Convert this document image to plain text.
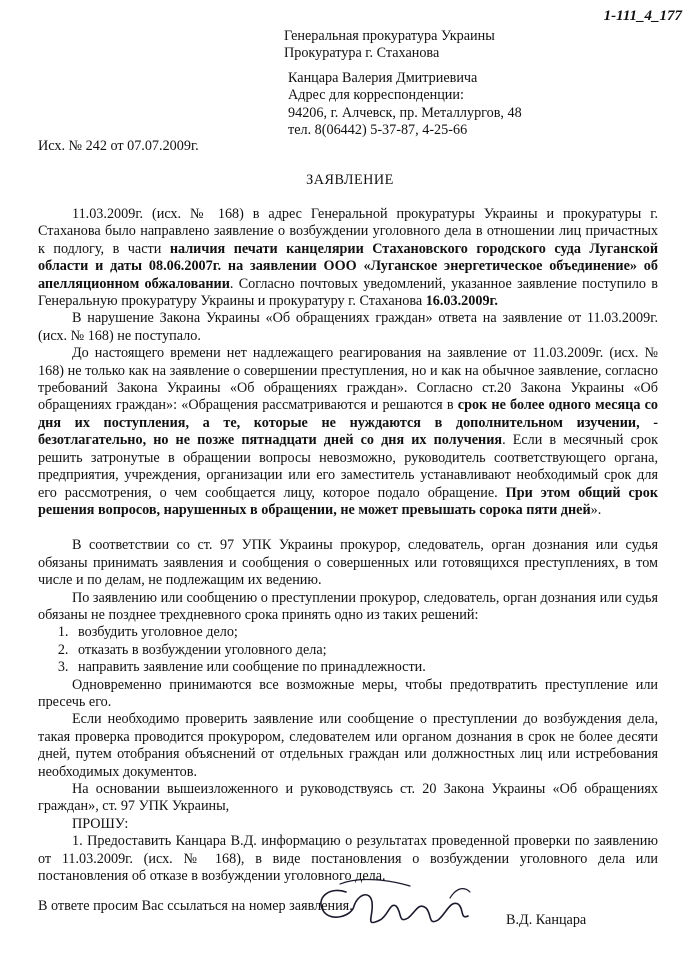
1-111_4_177
Генеральная прокуратура Украины
Прокуратура г. Стаханова
Канцара Валерия Дмитриевича
Адрес для корреспонденции:
94206, г. Алчевск, пр. Металлургов, 48
тел. 8(06442) 5-37-87, 4-25-66
Исх. № 242 от 07.07.2009г.
ЗАЯВЛЕНИЕ

11.03.2009г. (исх. № 168) в адрес Генеральной прокуратуры Украины и прокуратуры г. Стаханова было направлено заявление о возбуждении уголовного дела в отношении лиц причастных к подлогу, в части наличия печати канцелярии Стахановского городского суда Луганской области и даты 08.06.2007г. на заявлении ООО «Луганское энергетическое объединение» об апелляционном обжаловании. Согласно почтовых уведомлений, указанное заявление поступило в Генеральную прокуратуру Украины и прокуратуру г. Стаханова 16.03.2009г.

В нарушение Закона Украины «Об обращениях граждан» ответа на заявление от 11.03.2009г. (исх. № 168) не поступало.

До настоящего времени нет надлежащего реагирования на заявление от 11.03.2009г. (исх. № 168) не только как на заявление о совершении преступления, но и как на обычное заявление, согласно требований Закона Украины «Об обращениях граждан». Согласно ст.20 Закона Украины «Об обращениях граждан»: «Обращения рассматриваются и решаются в срок не более одного месяца со дня их поступления, а те, которые не нуждаются в дополнительном изучении, - безотлагательно, но не позже пятнадцати дней со дня их получения. Если в месячный срок решить затронутые в обращении вопросы невозможно, руководитель соответствующего органа, предприятия, учреждения, организации или его заместитель устанавливают необходимый срок для его рассмотрения, о чем сообщается лицу, которое подало обращение. При этом общий срок решения вопросов, нарушенных в обращении, не может превышать сорока пяти дней».

В соответствии со ст. 97 УПК Украины прокурор, следователь, орган дознания или судья обязаны принимать заявления и сообщения о совершенных или готовящихся преступлениях, в том числе и по делам, не подлежащим их ведению.

По заявлению или сообщению о преступлении прокурор, следователь, орган дознания или судья обязаны не позднее трехдневного срока принять одно из таких решений:

1. возбудить уголовное дело;
2. отказать в возбуждении уголовного дела;
3. направить заявление или сообщение по принадлежности.

Одновременно принимаются все возможные меры, чтобы предотвратить преступление или пресечь его.

Если необходимо проверить заявление или сообщение о преступлении до возбуждения дела, такая проверка проводится прокурором, следователем или органом дознания в срок не более десяти дней, путем отобрания объяснений от отдельных граждан или должностных лиц или истребования необходимых документов.

На основании вышеизложенного и руководствуясь ст. 20 Закона Украины «Об обращениях граждан», ст. 97 УПК Украины,

ПРОШУ:

1. Предоставить Канцара В.Д. информацию о результатах проведенной проверки по заявлению от 11.03.2009г. (исх. № 168), в виде постановления о возбуждении уголовного дела или постановления об отказе в возбуждении уголовного дела.

В ответе просим Вас ссылаться на номер заявления.
В.Д. Канцара
